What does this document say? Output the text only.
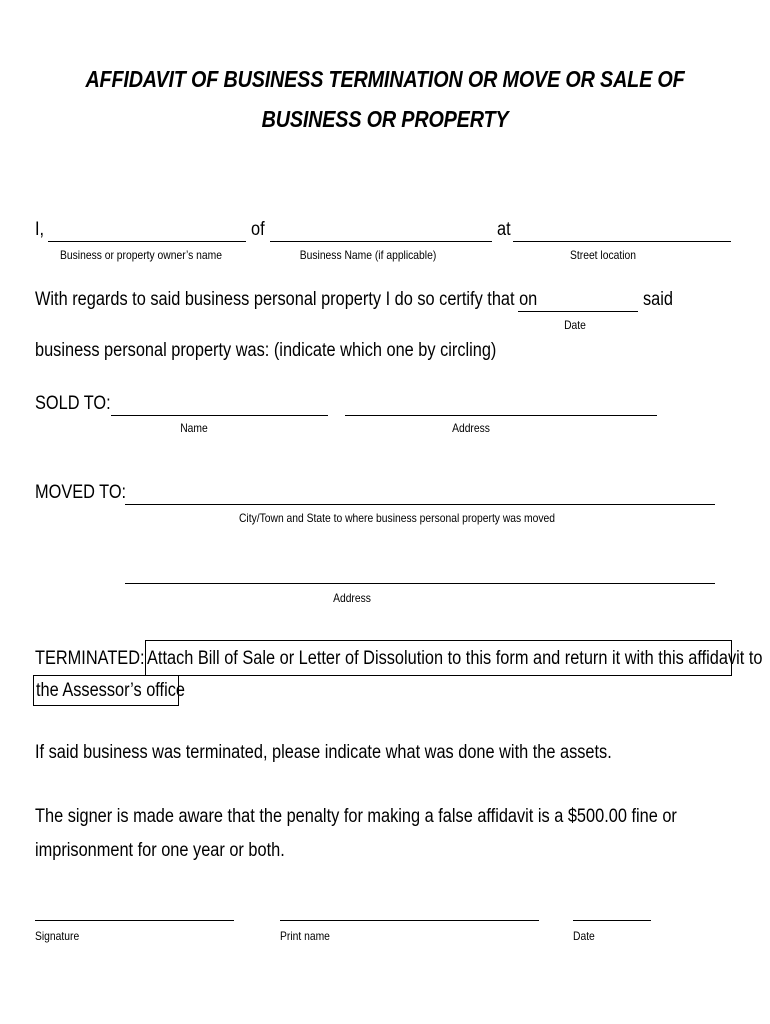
AFFIDAVIT OF BUSINESS TERMINATION OR MOVE OR SALE OF
BUSINESS OR PROPERTY
I,	of	at
Business or property owner’s name	Business Name (if applicable)	Street location
With regards to said business personal property I do so certify that on	said
Date
business personal property was: (indicate which one by circling)
SOLD TO:
Name	Address
MOVED TO:
City/Town and State to where business personal property was moved
Address
TERMINATED: Attach Bill of Sale or Letter of Dissolution to this form and return it with this affidavit to
the Assessor’s office
If said business was terminated, please indicate what was done with the assets.
The signer is made aware that the penalty for making a false affidavit is a $500.00 fine or
imprisonment for one year or both.
Signature	Print name	Date
